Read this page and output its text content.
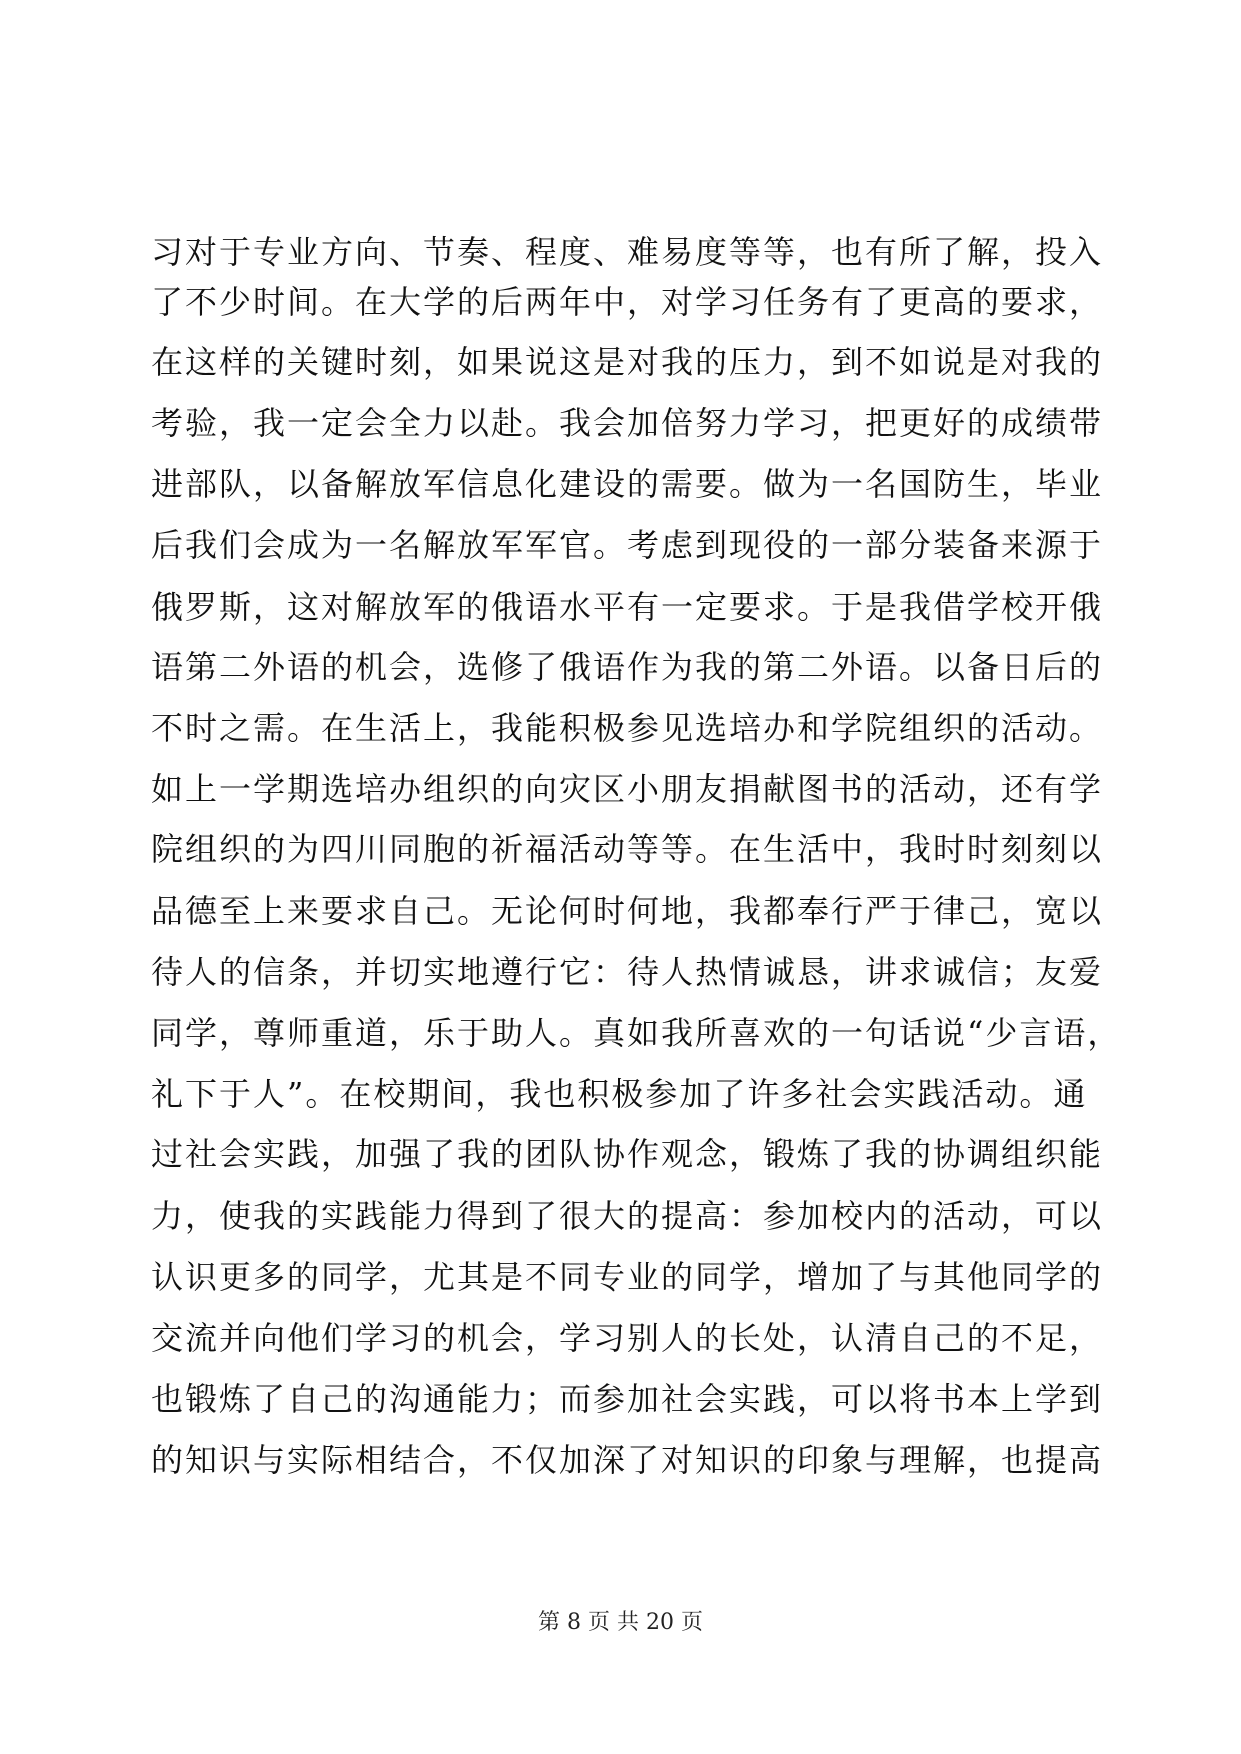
习对于专业方向、节奏、程度、难易度等等，也有所了解，投入
了不少时间。在大学的后两年中，对学习任务有了更高的要求，
在这样的关键时刻，如果说这是对我的压力，到不如说是对我的
考验，我一定会全力以赴。我会加倍努力学习，把更好的成绩带
进部队，以备解放军信息化建设的需要。做为一名国防生，毕业
后我们会成为一名解放军军官。考虑到现役的一部分装备来源于
俄罗斯，这对解放军的俄语水平有一定要求。于是我借学校开俄
语第二外语的机会，选修了俄语作为我的第二外语。以备日后的
不时之需。在生活上，我能积极参见选培办和学院组织的活动。
如上一学期选培办组织的向灾区小朋友捐献图书的活动，还有学
院组织的为四川同胞的祈福活动等等。在生活中，我时时刻刻以
品德至上来要求自己。无论何时何地，我都奉行严于律己，宽以
待人的信条，并切实地遵行它：待人热情诚恳，讲求诚信；友爱
同学，尊师重道，乐于助人。真如我所喜欢的一句话说“少言语，
礼下于人”。在校期间，我也积极参加了许多社会实践活动。通
过社会实践，加强了我的团队协作观念，锻炼了我的协调组织能
力，使我的实践能力得到了很大的提高：参加校内的活动，可以
认识更多的同学，尤其是不同专业的同学，增加了与其他同学的
交流并向他们学习的机会，学习别人的长处，认清自己的不足，
也锻炼了自己的沟通能力；而参加社会实践，可以将书本上学到
的知识与实际相结合，不仅加深了对知识的印象与理解，也提高
第 8 页 共 20 页
